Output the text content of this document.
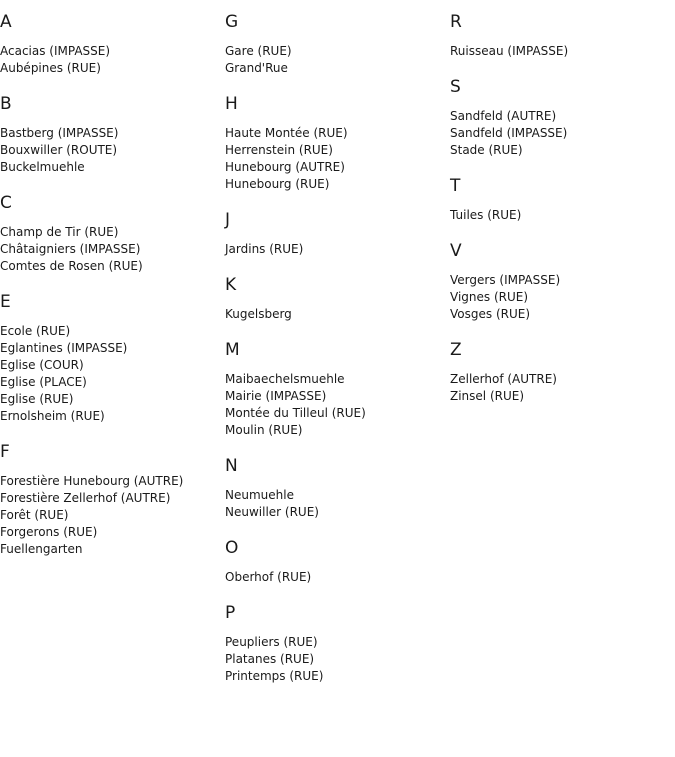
A
Acacias (IMPASSE)
Aubépines (RUE)
B
Bastberg (IMPASSE)
Bouxwiller (ROUTE)
Buckelmuehle
C
Champ de Tir (RUE)
Châtaigniers (IMPASSE)
Comtes de Rosen (RUE)
E
Ecole (RUE)
Eglantines (IMPASSE)
Eglise (COUR)
Eglise (PLACE)
Eglise (RUE)
Ernolsheim (RUE)
F
Forestière Hunebourg (AUTRE)
Forestière Zellerhof (AUTRE)
Forêt (RUE)
Forgerons (RUE)
Fuellengarten
G
Gare (RUE)
Grand'Rue
H
Haute Montée (RUE)
Herrenstein (RUE)
Hunebourg (AUTRE)
Hunebourg (RUE)
J
Jardins (RUE)
K
Kugelsberg
M
Maibaechelsmuehle
Mairie (IMPASSE)
Montée du Tilleul (RUE)
Moulin (RUE)
N
Neumuehle
Neuwiller (RUE)
O
Oberhof (RUE)
P
Peupliers (RUE)
Platanes (RUE)
Printemps (RUE)
R
Ruisseau (IMPASSE)
S
Sandfeld (AUTRE)
Sandfeld (IMPASSE)
Stade (RUE)
T
Tuiles (RUE)
V
Vergers (IMPASSE)
Vignes (RUE)
Vosges (RUE)
Z
Zellerhof (AUTRE)
Zinsel (RUE)
